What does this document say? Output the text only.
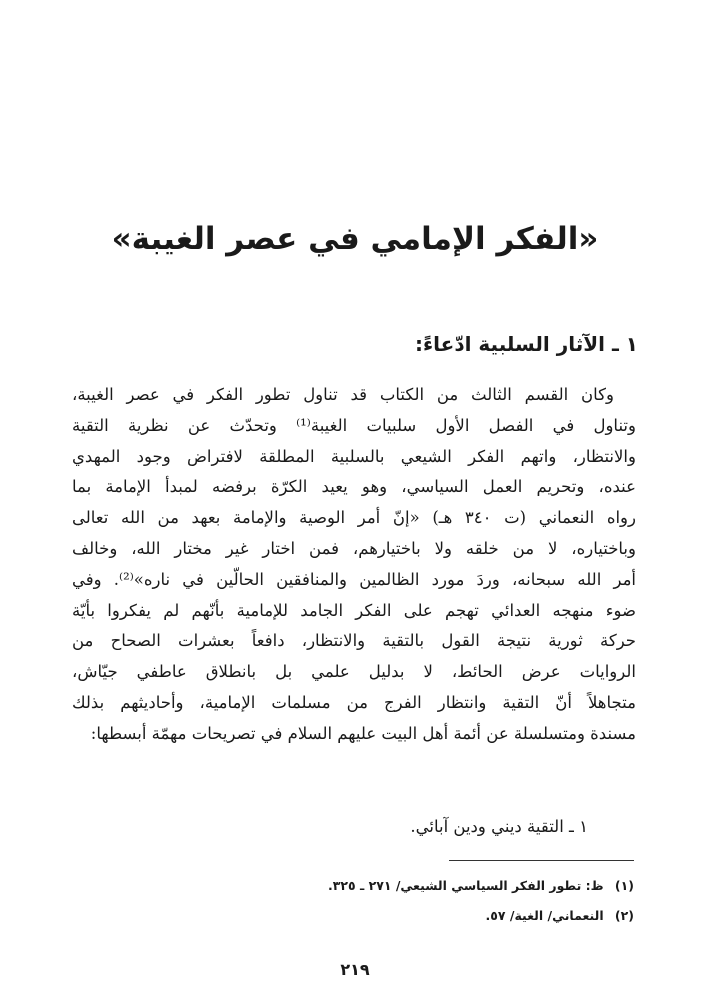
«الفكر الإمامي في عصر الغيبة»
١ ـ الآثار السلبية ادّعاءً:
وكان القسم الثالث من الكتاب قد تناول تطور الفكر في عصر الغيبة،
وتناول في الفصل الأول سلبيات الغيبة⁽¹⁾ وتحدّث عن نظرية التقية
والانتظار، واتهم الفكر الشيعي بالسلبية المطلقة لافتراض وجود المهدي
عنده، وتحريم العمل السياسي، وهو يعيد الكرّة برفضه لمبدأ الإمامة بما
رواه النعماني (ت ٣٤٠ هـ) «إنّ أمر الوصية والإمامة بعهد من الله تعالى
وباختياره، لا من خلقه ولا باختيارهم، فمن اختار غير مختار الله، وخالف
أمر الله سبحانه، وردَ مورد الظالمين والمنافقين الحالّين في ناره»⁽²⁾. وفي
ضوء منهجه العدائي تهجم على الفكر الجامد للإمامية بأنّهم لم يفكروا بأيّة
حركة ثورية نتيجة القول بالتقية والانتظار، دافعاً بعشرات الصحاح من
الروايات عرض الحائط، لا بدليل علمي بل بانطلاق عاطفي جيّاش،
متجاهلاً أنّ التقية وانتظار الفرج من مسلمات الإمامية، وأحاديثهم بذلك
مسندة ومتسلسلة عن أئمة أهل البيت عليهم السلام في تصريحات مهمّة أبسطها:
١ ـ التقية ديني ودين آبائي.
(١) ظ: تطور الفكر السياسي الشيعي/ ٢٧١ ـ ٣٢٥.
(٢) النعماني/ الغية/ ٥٧.
٢١٩
